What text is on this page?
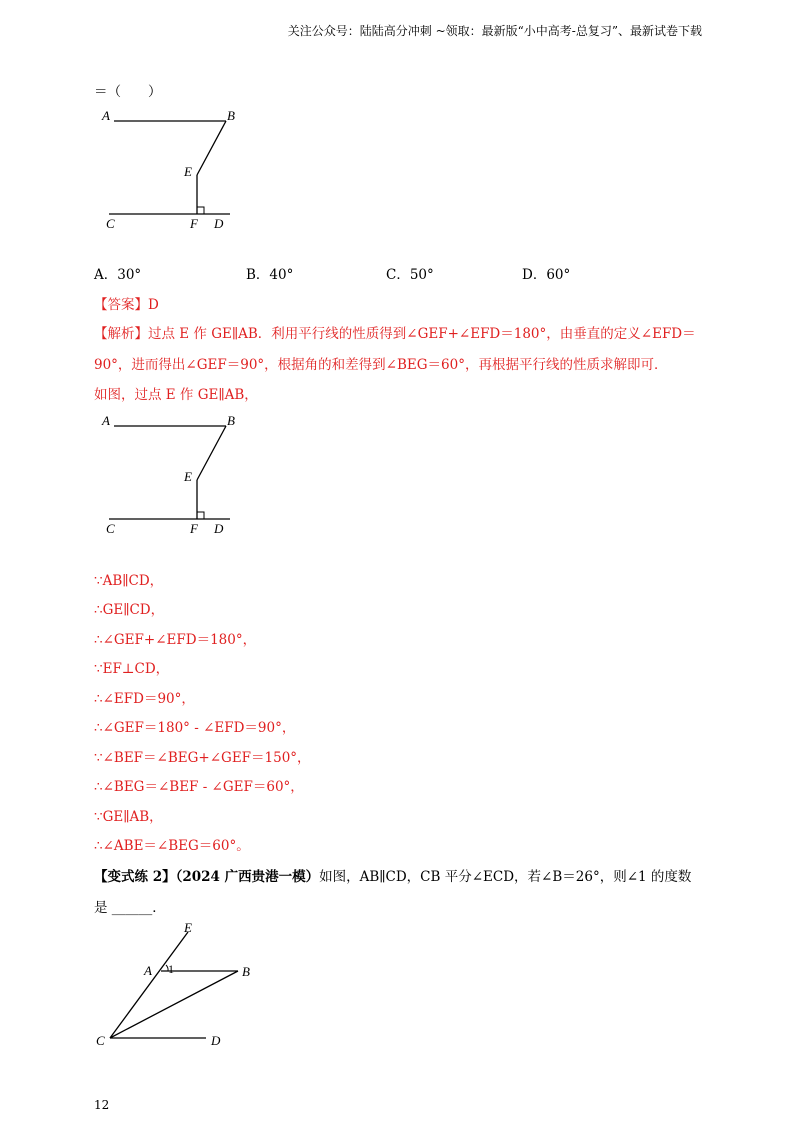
关注公众号：陆陆高分冲刺 ~领取：最新版“小中高考-总复习”、最新试卷下载
＝（　　）
A	B
E
C	F D
A．30°	B．40°	C．50°	D．60°
【答案】D
【解析】过点 E 作 GE∥AB．利用平行线的性质得到∠GEF+∠EFD＝180°，由垂直的定义∠EFD＝
90°，进而得出∠GEF＝90°，根据角的和差得到∠BEG＝60°，再根据平行线的性质求解即可．
如图，过点 E 作 GE∥AB，
A	B
E
C	F D
∵AB∥CD，
∴GE∥CD，
∴∠GEF+∠EFD＝180°，
∵EF⊥CD，
∴∠EFD＝90°，
∴∠GEF＝180° - ∠EFD＝90°，
∵∠BEF＝∠BEG+∠GEF＝150°，
∴∠BEG＝∠BEF - ∠GEF＝60°，
∵GE∥AB，
∴∠ABE＝∠BEG＝60°。
【变式练 2】（2024 广西贵港一模）如图，AB∥CD，CB 平分∠ECD，若∠B＝26°，则∠1 的度数
是 ______．
E
A 1	B
C	D
12
